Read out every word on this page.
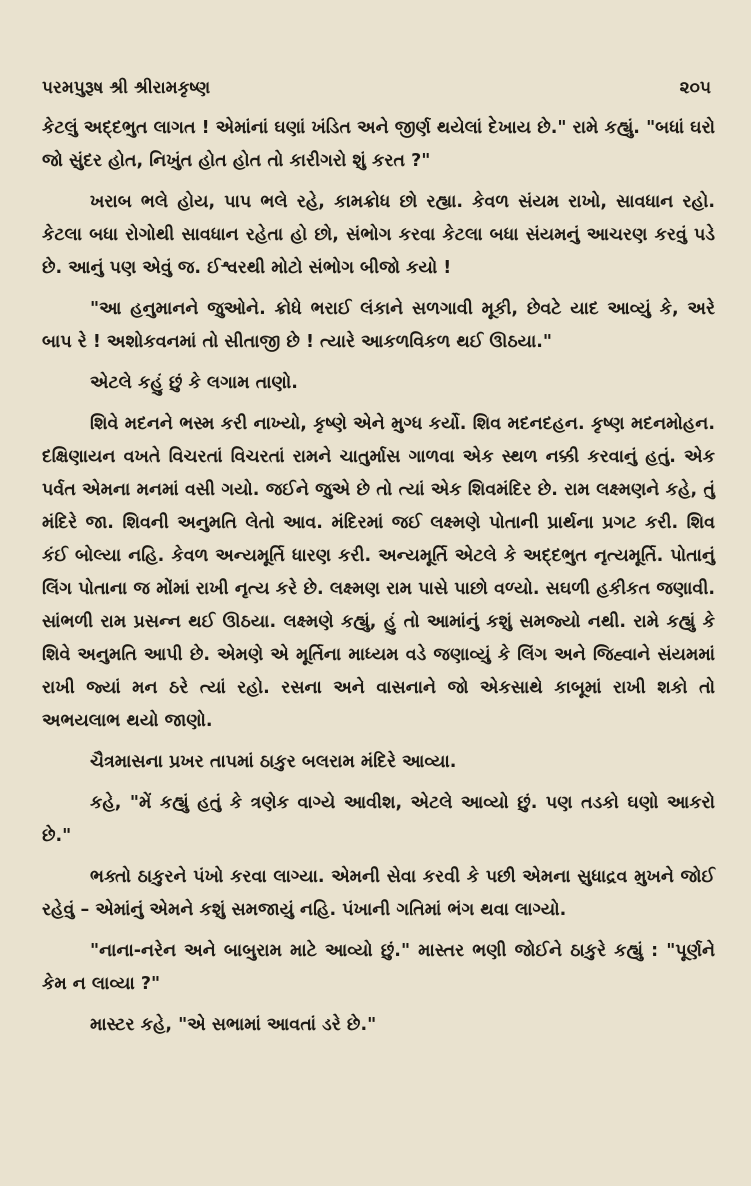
પરમપુરૂષ શ્રી શ્રીરામકૃષ્ણ	૨૦૫

કેટલું અદ્દભુત લાગત ! એમાંનાં ઘણાં ખંડિત અને જીર્ણ થયેલાં દેખાય છે." રામે કહ્યું. "બધાં ઘરો જો સુંદર હોત, નિખુંત હોત હોત તો કારીગરો શું કરત ?"

ખરાબ ભલે હોય, પાપ ભલે રહે, કામક્રોધ છો રહ્યા. કેવળ સંયમ રાખો, સાવધાન રહો. કેટલા બધા રોગોથી સાવધાન રહેતા હો છો, સંભોગ કરવા કેટલા બધા સંયમનું આચરણ કરવું પડે છે. આનું પણ એવું જ. ઈશ્વરથી મોટો સંભોગ બીજો કયો !

"આ હનુમાનને જુઓને. ક્રોધે ભરાઈ લંકાને સળગાવી મૂકી, છેવટે યાદ આવ્યું કે, અરે બાપ રે ! અશોકવનમાં તો સીતાજી છે ! ત્યારે આકળવિકળ થઈ ઊઠયા."

એટલે કહું છું કે લગામ તાણો.

શિવે મદનને ભસ્મ કરી નાખ્યો, કૃષ્ણે એને મુગ્ધ કર્યો. શિવ મદનદહન. કૃષ્ણ મદનમોહન. દક્ષિણાયન વખતે વિચરતાં વિચરતાં રામને ચાતુર્માસ ગાળવા એક સ્થળ નક્કી કરવાનું હતું. એક પર્વત એમના મનમાં વસી ગયો. જઈને જુએ છે તો ત્યાં એક શિવમંદિર છે. રામ લક્ષ્મણને કહે, તું મંદિરે જા. શિવની અનુમતિ લેતો આવ. મંદિરમાં જઈ લક્ષ્મણે પોતાની પ્રાર્થના પ્રગટ કરી. શિવ કંઈ બોલ્યા નહિ. કેવળ અન્યમૂર્તિ ધારણ કરી. અન્યમૂર્તિ એટલે કે અદ્દભુત નૃત્યમૂર્તિ. પોતાનું લિંગ પોતાના જ મોંમાં રાખી નૃત્ય કરે છે. લક્ષ્મણ રામ પાસે પાછો વળ્યો. સઘળી હકીકત જણાવી. સાંભળી રામ પ્રસન્ન થઈ ઊઠયા. લક્ષ્મણે કહ્યું, હું તો આમાંનું કશું સમજ્યો નથી. રામે કહ્યું કે શિવે અનુમતિ આપી છે. એમણે એ મૂર્તિના માધ્યમ વડે જણાવ્યું કે લિંગ અને જિહ્વાને સંયમમાં રાખી જ્યાં મન ઠરે ત્યાં રહો. રસના અને વાસનાને જો એકસાથે કાબૂમાં રાખી શકો તો અભયલાભ થયો જાણો.

ચૈત્રમાસના પ્રખર તાપમાં ઠાકુર બલરામ મંદિરે આવ્યા.

કહે, "મેં કહ્યું હતું કે ત્રણેક વાગ્યે આવીશ, એટલે આવ્યો છું. પણ તડકો ઘણો આકરો છે."

ભક્તો ઠાકુરને પંખો કરવા લાગ્યા. એમની સેવા કરવી કે પછી એમના સુધાદ્રવ મુખને જોઈ રહેવું – એમાંનું એમને કશું સમજાયું નહિ. પંખાની ગતિમાં ભંગ થવા લાગ્યો.

"નાના-નરેન અને બાબુરામ માટે આવ્યો છું." માસ્તર ભણી જોઈને ઠાકુરે કહ્યું : "પૂર્ણને કેમ ન લાવ્યા ?"

માસ્ટર કહે, "એ સભામાં આવતાં ડરે છે."
